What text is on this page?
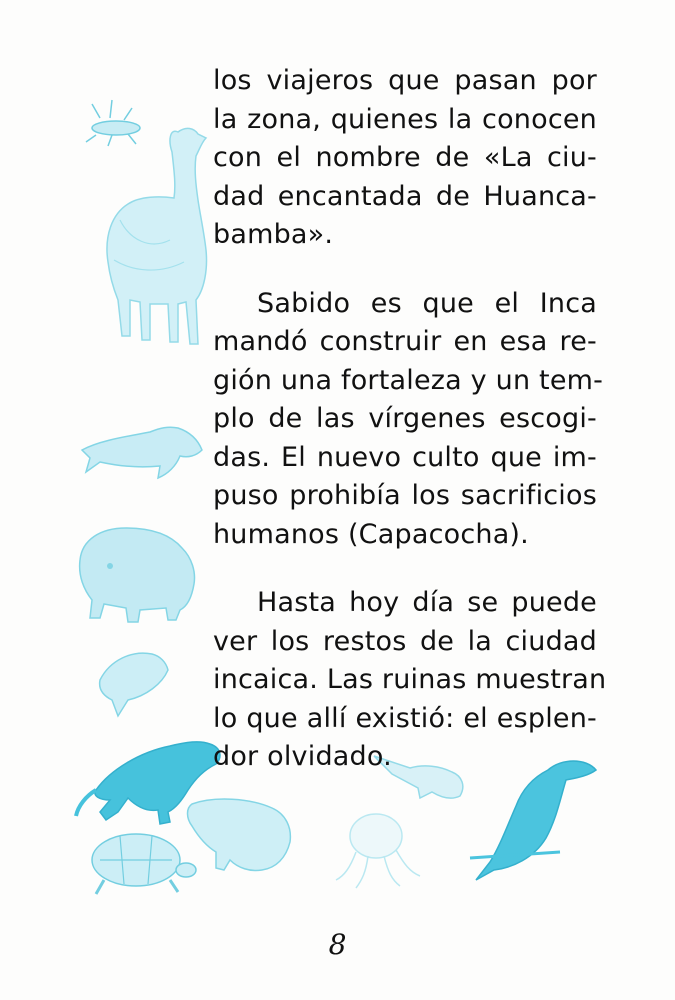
los viajeros que pasan por
la zona, quienes la conocen
con el nombre de «La ciu-
dad encantada de Huanca-
bamba».
Sabido es que el Inca
mandó construir en esa re-
gión una fortaleza y un tem-
plo de las vírgenes escogi-
das. El nuevo culto que im-
puso prohibía los sacrificios
humanos (Capacocha).
Hasta hoy día se puede
ver los restos de la ciudad
incaica. Las ruinas muestran
lo que allí existió: el esplen-
dor olvidado.
8
